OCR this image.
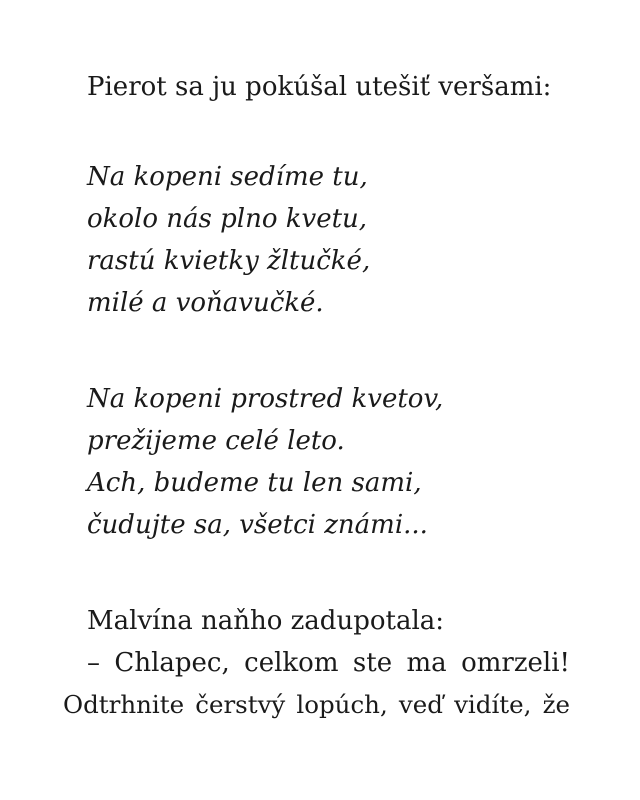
Pierot sa ju pokúšal utešiť veršami:
Na kopeni sedíme tu,
okolo nás plno kvetu,
rastú kvietky žltučké,
milé a voňavučké.
Na kopeni prostred kvetov,
prežijeme celé leto.
Ach, budeme tu len sami,
čudujte sa, všetci známi...
Malvína naňho zadupotala:
– Chlapec, celkom ste ma omrzeli!
Odtrhnite čerstvý lopúch, veď vidíte, že
